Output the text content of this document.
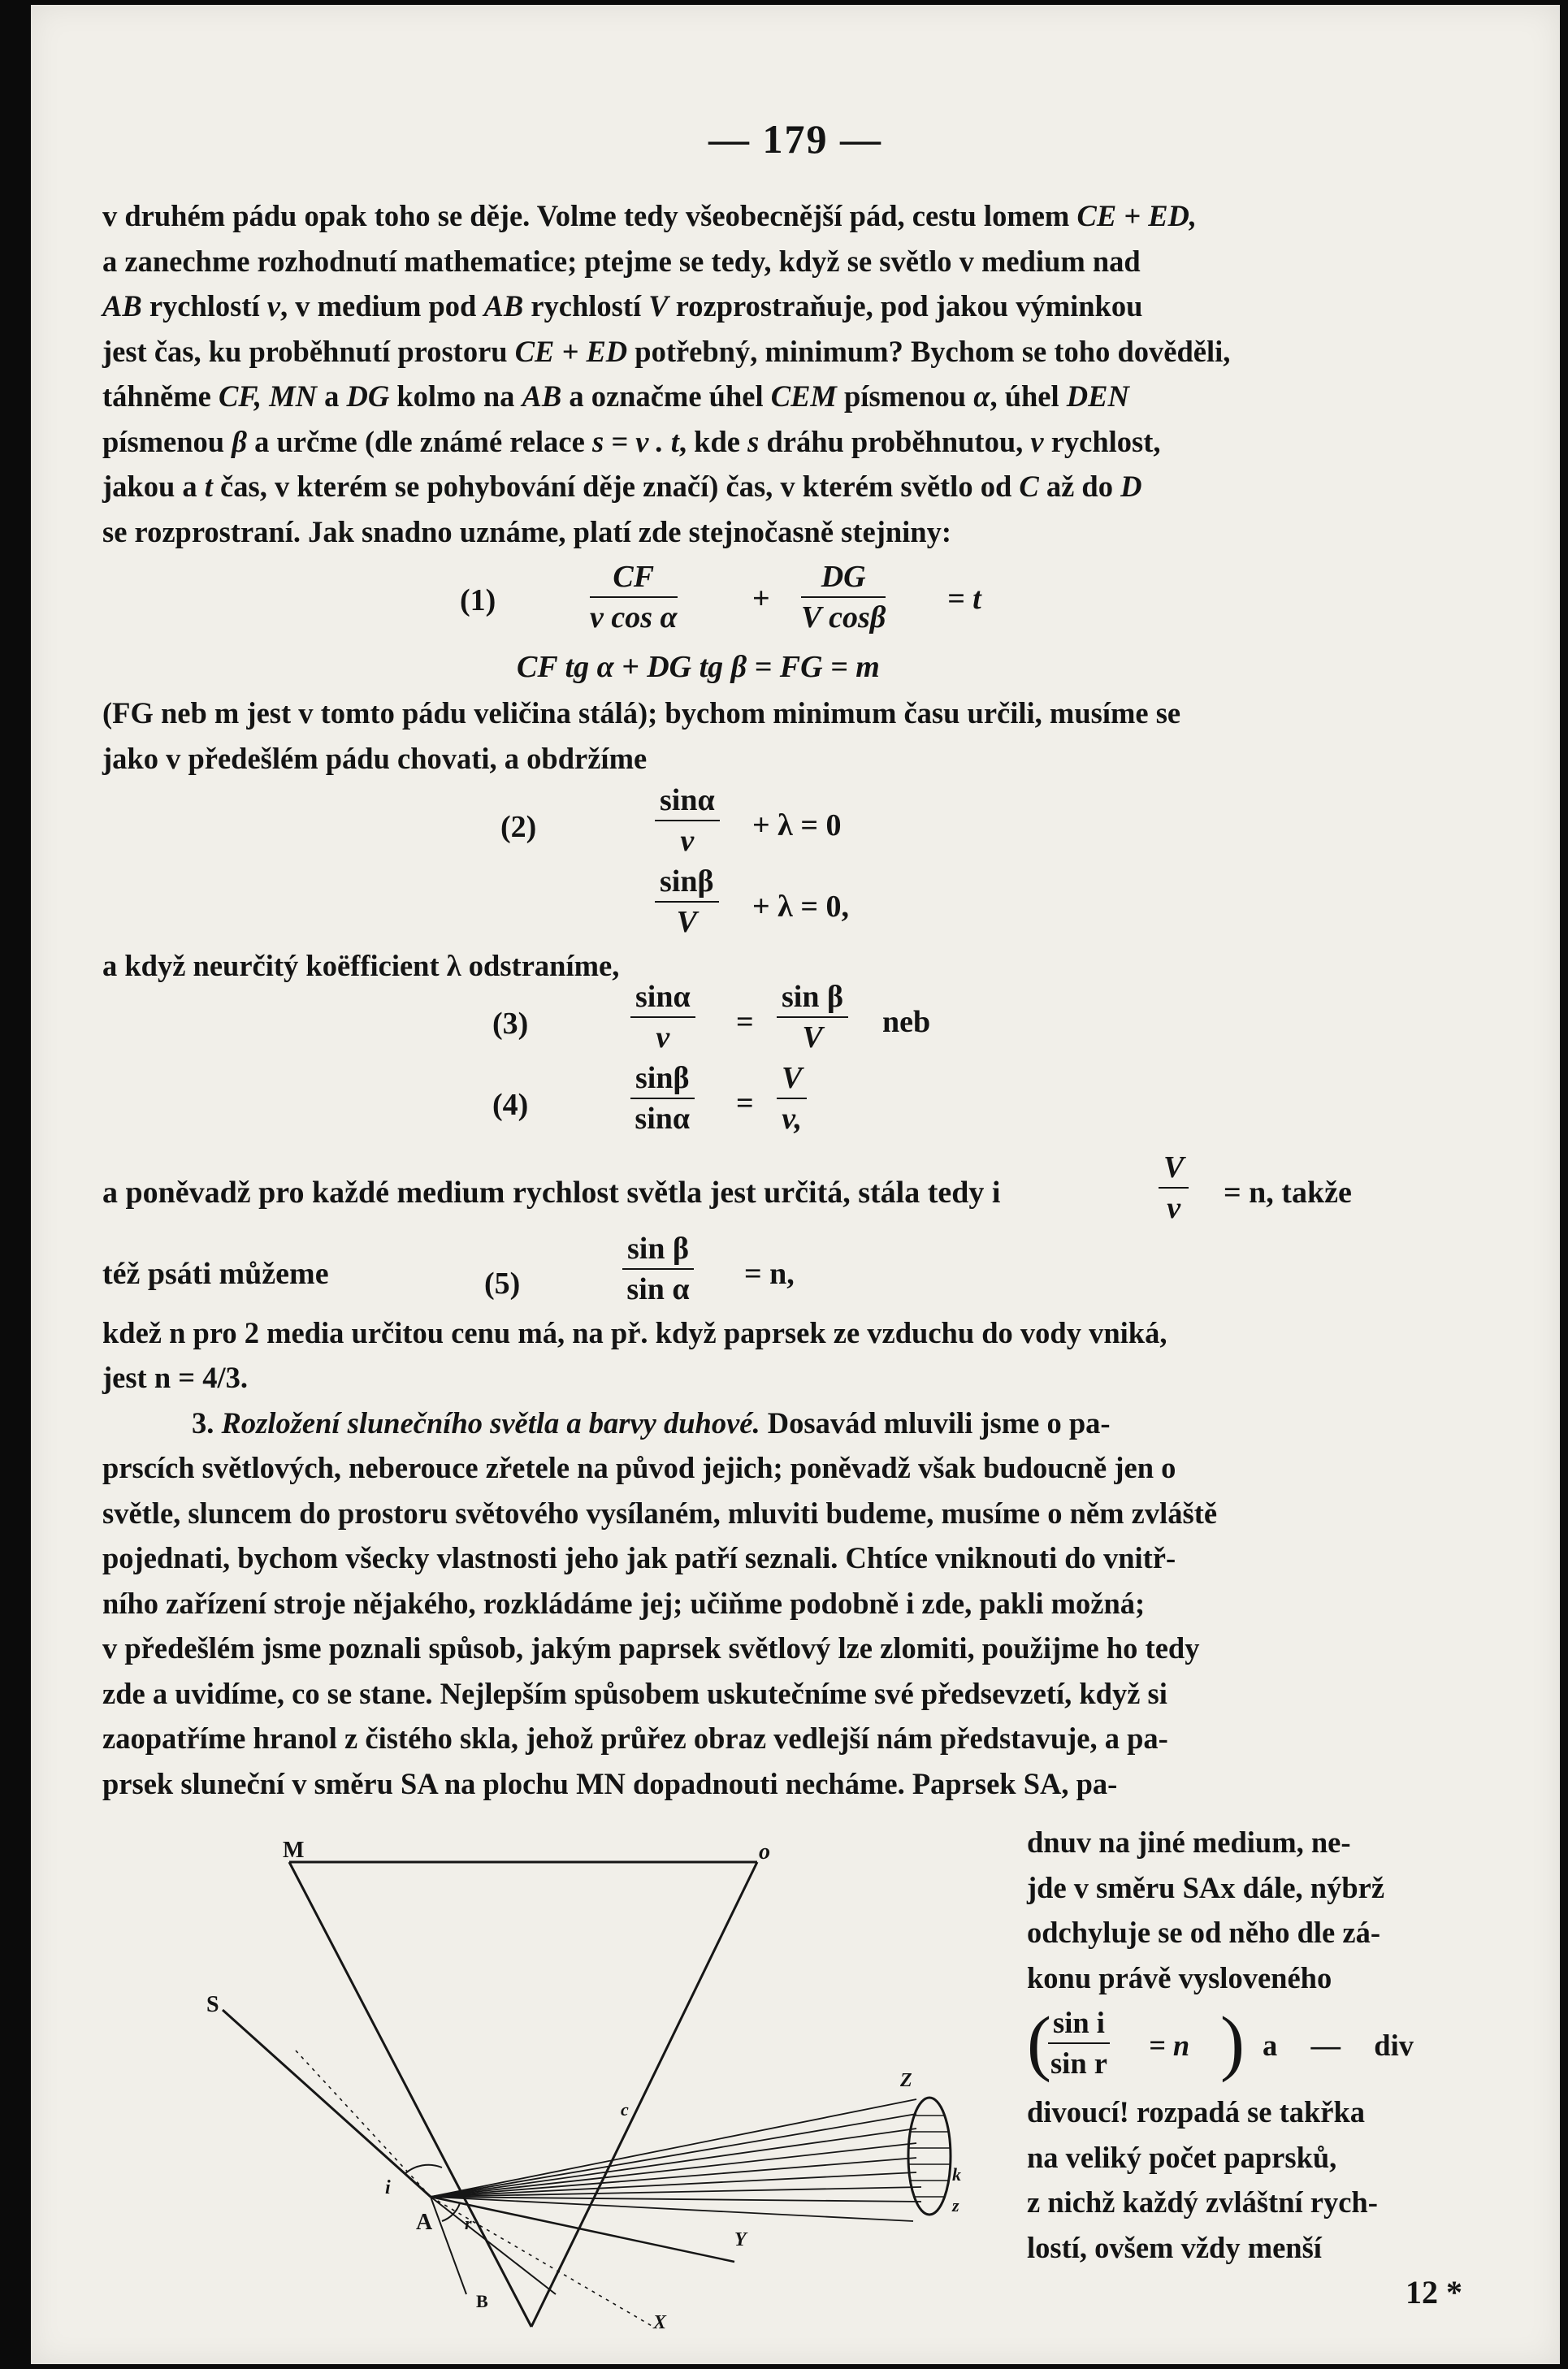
— 179 —

v druhém pádu opak toho se děje. Volme tedy všeobecnější pád, cestu lomem CE + ED,

a zanechme rozhodnutí mathematice; ptejme se tedy, když se světlo v medium nad

AB rychlostí v, v medium pod AB rychlostí V rozprostraňuje, pod jakou výminkou

jest čas, ku proběhnutí prostoru CE + ED potřebný, minimum? Bychom se toho dověděli,

táhněme CF, MN a DG kolmo na AB a označme úhel CEM písmenou α, úhel DEN

písmenou β a určme (dle známé relace s = v . t, kde s dráhu proběhnutou, v rychlost,

jakou a t čas, v kterém se pohybování děje značí) čas, v kterém světlo od C až do D

se rozprostraní. Jak snadno uznáme, platí zde stejnočasně stejniny:

(1)	$\frac{CF}{\text{v cos α}} + \frac{DG}{\text{V cosβ}} = t$
CF tg α + DG tg β = FG = m

(FG neb m jest v tomto pádu veličina stálá); bychom minimum času určili, musíme se

jako v předešlém pádu chovati, a obdržíme

(2)	$\frac{\sin\alpha}{v} + \lambda = 0$
$\frac{\sin\beta}{V} + \lambda = 0$,

a když neurčitý koëfficient λ odstraníme,

(3)	$\frac{\sin\alpha}{v} = \frac{\text{sin β}}{V}$ neb
(4)	$\frac{\sin\beta}{\sin\alpha} = \frac{V}{v,}$
a poněvadž pro každé medium rychlost světla jest určitá, stála tedy i	$\frac{V}{v} = n$, takže
též psáti můžeme	(5)	$\frac{\text{sin β}}{\text{sin α}} = n$,

kdež n pro 2 media určitou cenu má, na př. když paprsek ze vzduchu do vody vniká,

jest n = 4/3.

3. Rozložení slunečního světla a barvy duhové. Dosavád mluvili jsme o pa-

prscích světlových, neberouce zřetele na původ jejich; poněvadž však budoucně jen o

světle, sluncem do prostoru světového vysílaném, mluviti budeme, musíme o něm zvláště

pojednati, bychom všecky vlastnosti jeho jak patří seznali. Chtíce vniknouti do vnitř-

ního zařízení stroje nějakého, rozkládáme jej; učiňme podobně i zde, pakli možná;

v předešlém jsme poznali spůsob, jakým paprsek světlový lze zlomiti, použijme ho tedy

zde a uvidíme, co se stane. Nejlepším spůsobem uskutečníme své předsevzetí, když si

zaopatříme hranol z čistého skla, jehož průřez obraz vedlejší nám představuje, a pa-

prsek sluneční v směru SA na plochu MN dopadnouti necháme. Paprsek SA, pa-

dnuv na jiné medium, ne-

jde v směru SAx dále, nýbrž

odchyluje se od něho dle zá-

konu právě vysloveného

(
$\frac{\text{sin i}}{\text{sin r}} = n$ ) a — div

divoucí! rozpadá se takřka

na veliký počet paprsků,

z nichž každý zvláštní rych-

lostí, ovšem vždy menší

M	o
S
A
B
i
r
c
Y
X
Z
k
z
12 *
